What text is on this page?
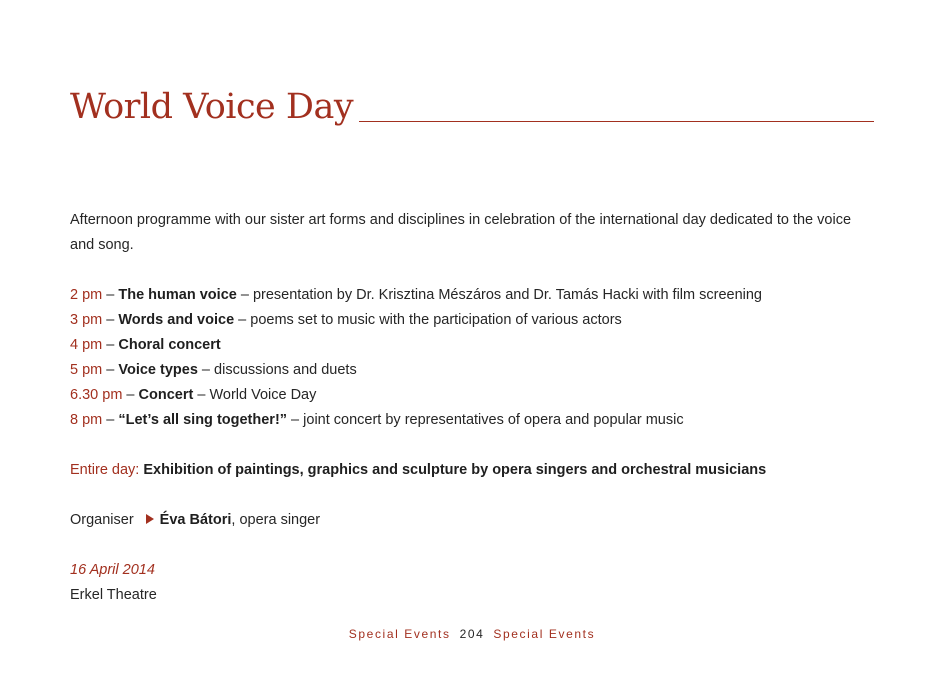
World Voice Day

Afternoon programme with our sister art forms and disciplines in celebration of the international day dedicated to the voice and song.

2 pm – The human voice – presentation by Dr. Krisztina Mészáros and Dr. Tamás Hacki with film screening

3 pm – Words and voice – poems set to music with the participation of various actors

4 pm – Choral concert

5 pm – Voice types – discussions and duets

6.30 pm – Concert – World Voice Day

8 pm – “Let’s all sing together!” – joint concert by representatives of opera and popular music

Entire day: Exhibition of paintings, graphics and sculpture by opera singers and orchestral musicians

Organiser Éva Bátori, opera singer

16 April 2014

Erkel Theatre

Special Events 204 Special Events
